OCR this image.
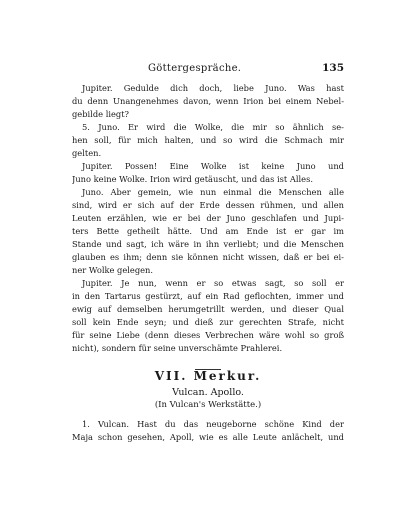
Göttergespräche.	135
Jupiter. Gedulde dich doch, liebe Juno. Was hast
du denn Unangenehmes davon, wenn Irion bei einem Nebel-
gebilde liegt?
5. Juno. Er wird die Wolke, die mir so ähnlich se-
hen soll, für mich halten, und so wird die Schmach mir
gelten.
Jupiter. Possen! Eine Wolke ist keine Juno und
Juno keine Wolke. Irion wird getäuscht, und das ist Alles.
Juno. Aber gemein, wie nun einmal die Menschen alle
sind, wird er sich auf der Erde dessen rühmen, und allen
Leuten erzählen, wie er bei der Juno geschlafen und Jupi-
ters Bette getheilt hätte. Und am Ende ist er gar im
Stande und sagt, ich wäre in ihn verliebt; und die Menschen
glauben es ihm; denn sie können nicht wissen, daß er bei ei-
ner Wolke gelegen.
Jupiter. Je nun, wenn er so etwas sagt, so soll er
in den Tartarus gestürzt, auf ein Rad geflochten, immer und
ewig auf demselben herumgetrillt werden, und dieser Qual
soll kein Ende seyn; und dieß zur gerechten Strafe, nicht
für seine Liebe (denn dieses Verbrechen wäre wohl so groß
nicht), sondern für seine unverschämte Prahlerei.
VII. Merkur.
Vulcan. Apollo.
(In Vulcan's Werkstätte.)
1. Vulcan. Hast du das neugeborne schöne Kind der
Maja schon gesehen, Apoll, wie es alle Leute anlächelt, und
